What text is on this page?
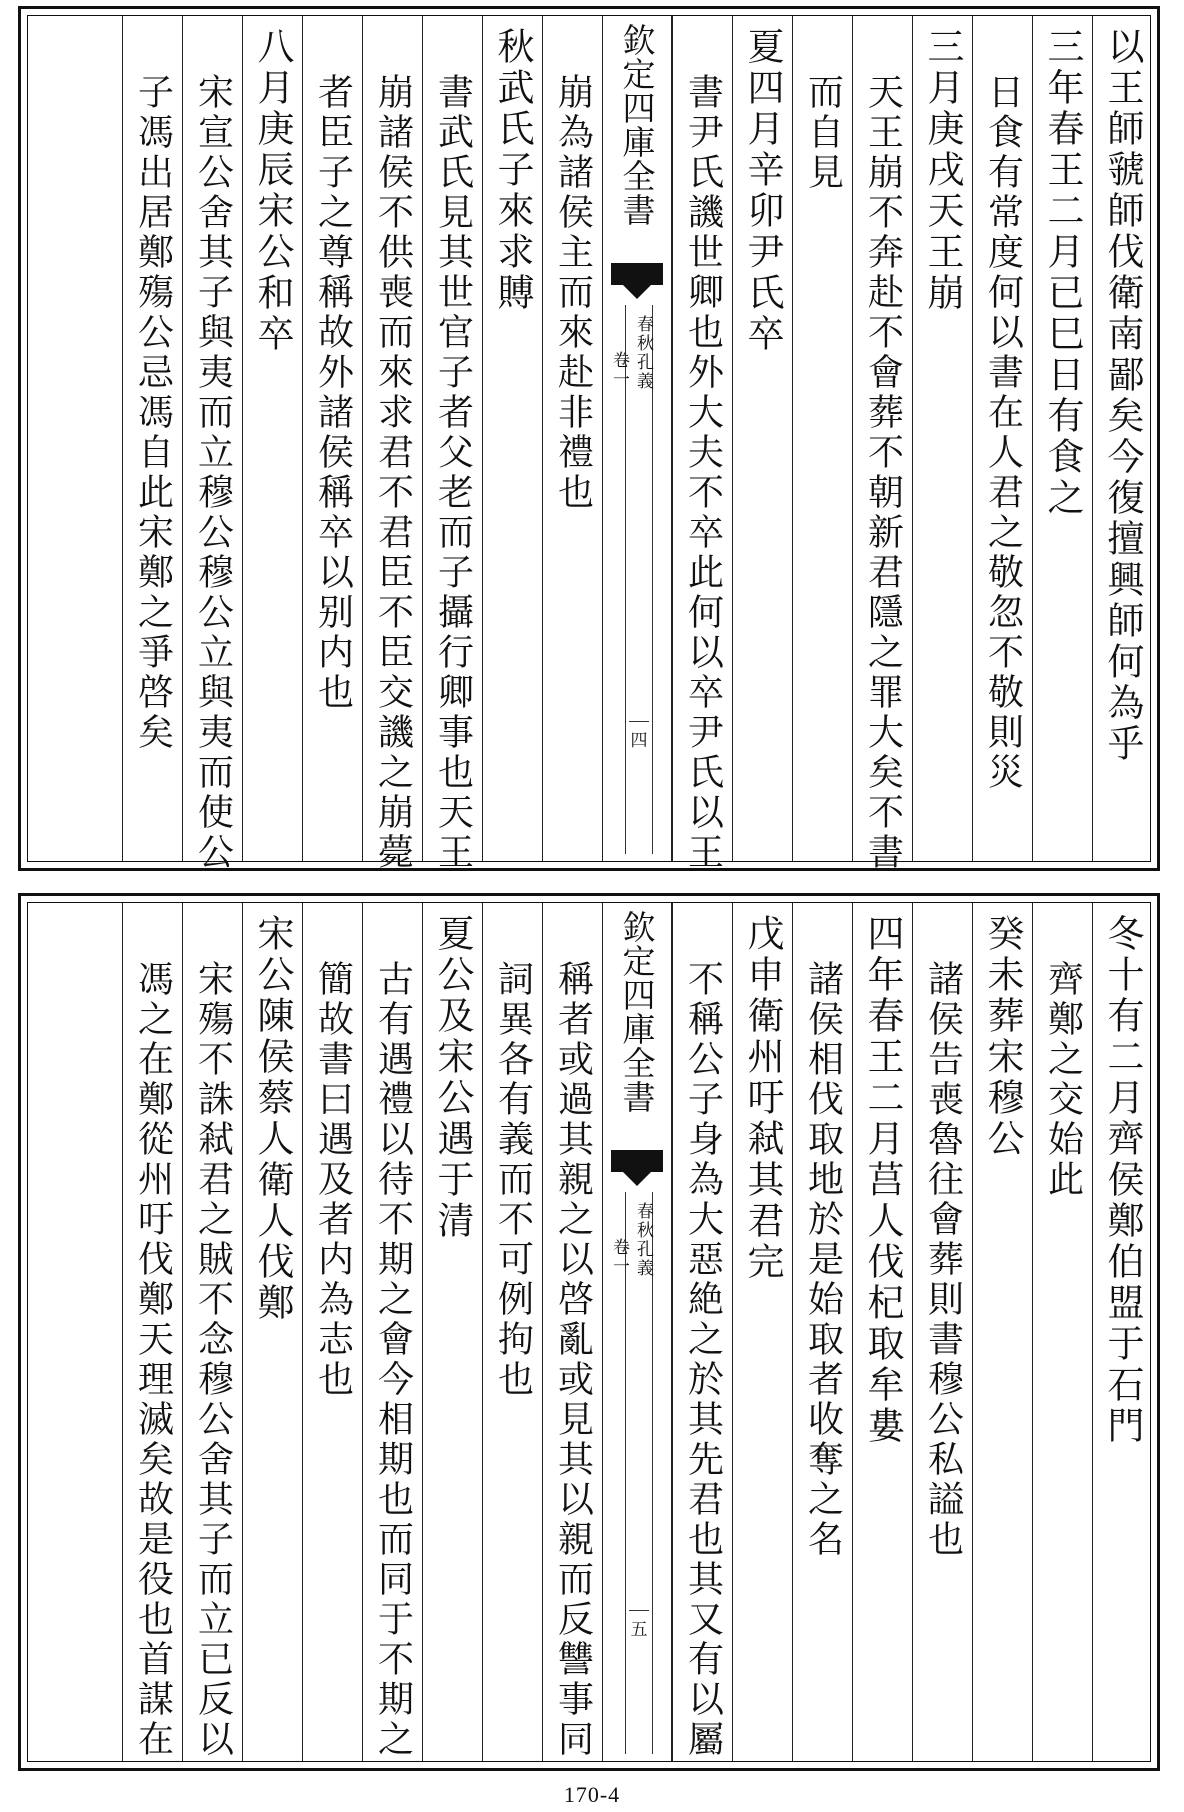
以王師虢師伐衛南鄙矣今復擅興師何為乎
三年春王二月已巳日有食之
日食有常度何以書在人君之敬忽不敬則災
三月庚戌天王崩
天王崩不奔赴不會葬不朝新君隱之罪大矣不書
而自見
夏四月辛卯尹氏卒
書尹氏譏世卿也外大夫不卒此何以卒尹氏以王
欽定四庫全書
春秋孔義
卷一
四
崩為諸侯主而來赴非禮也
秋武氏子來求賻
書武氏見其世官子者父老而子攝行卿事也天王
崩諸侯不供喪而來求君不君臣不臣交譏之崩薨
者臣子之尊稱故外諸侯稱卒以别内也
八月庚辰宋公和卒
宋宣公舍其子與夷而立穆公穆公立與夷而使公
子馮出居鄭殤公忌馮自此宋鄭之爭啓矣
冬十有二月齊侯鄭伯盟于石門
齊鄭之交始此
癸未葬宋穆公
諸侯告喪魯往會葬則書穆公私謚也
四年春王二月莒人伐杞取牟婁
諸侯相伐取地於是始取者收奪之名
戊申衛州吁弒其君完
不稱公子身為大惡絶之於其先君也其又有以屬
欽定四庫全書
春秋孔義
卷一
五
稱者或過其親之以啓亂或見其以親而反讐事同
詞異各有義而不可例拘也
夏公及宋公遇于清
古有遇禮以待不期之會今相期也而同于不期之
簡故書曰遇及者内為志也
宋公陳侯蔡人衛人伐鄭
宋殤不誅弒君之賊不念穆公舍其子而立已反以
馮之在鄭從州吁伐鄭天理滅矣故是役也首謀在
170-4
